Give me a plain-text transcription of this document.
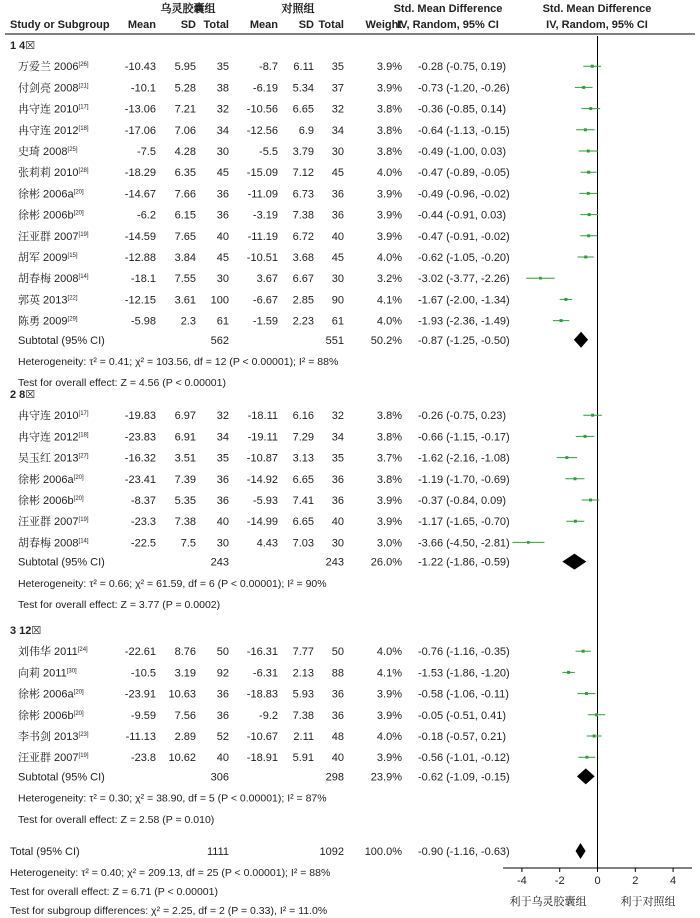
乌灵胶囊组	对照组	Std. Mean Difference	Std. Mean Difference
Study or Subgroup Mean SD Total Mean SD Total Weight
IV, Random, 95% CI	IV, Random, 95% CI
1 4☒
万爱兰 2006[26]	-10.43 5.95 35	-8.7 6.11 35	3.9% -0.28 (-0.75, 0.19)
付剑亮 2008[21]	-10.1 5.28 38 -6.19 5.34 37	3.9% -0.73 (-1.20, -0.26)
冉守连 2010[17]	-13.06 7.21 32 -10.56 6.65 32	3.8% -0.36 (-0.85, 0.14)
冉守连 2012[18]	-17.06 7.06 34 -12.56 6.9 34	3.8% -0.64 (-1.13, -0.15)
史琦 2008[25]	-7.5 4.28 30	-5.5 3.79 30	3.8% -0.49 (-1.00, 0.03)
张莉莉 2010[28]	-18.29 6.35 45 -15.09 7.12 45	4.0% -0.47 (-0.89, -0.05)
徐彬 2006a[20]	-14.67 7.66 36 -11.09 6.73 36	3.9% -0.49 (-0.96, -0.02)
徐彬 2006b[20]	-6.2 6.15 36 -3.19 7.38 36	3.9% -0.44 (-0.91, 0.03)
汪亚群 2007[19]	-14.59 7.65 40 -11.19 6.72 40	3.9% -0.47 (-0.91, -0.02)
胡军 2009[15]	-12.88 3.84 45 -10.51 3.68 45	4.0% -0.62 (-1.05, -0.20)
胡春梅 2008[14]	-18.1 7.55 30	3.67 6.67 30	3.2% -3.02 (-3.77, -2.26)
郭英 2013[22]	-12.15 3.61 100 -6.67 2.85 90	4.1% -1.67 (-2.00, -1.34)
陈勇 2009[29]	-5.98 2.3 61 -1.59 2.23 61	4.0% -1.93 (-2.36, -1.49)
Subtotal (95% CI)	562	551 50.2% -0.87 (-1.25, -0.50)
Heterogeneity: τ² = 0.41; χ² = 103.56, df = 12 (P < 0.00001); I² = 88%
Test for overall effect: Z = 4.56 (P < 0.00001)
2 8☒
冉守连 2010[17]	-19.83 6.97 32 -18.11 6.16 32	3.8% -0.26 (-0.75, 0.23)
冉守连 2012[18]	-23.83 6.91 34 -19.11 7.29 34	3.8% -0.66 (-1.15, -0.17)
吴玉红 2013[27]	-16.32 3.51 35 -10.87 3.13 35	3.7% -1.62 (-2.16, -1.08)
徐彬 2006a[20]	-23.41 7.39 36 -14.92 6.65 36	3.8% -1.19 (-1.70, -0.69)
徐彬 2006b[20]	-8.37 5.35 36 -5.93 7.41 36	3.9% -0.37 (-0.84, 0.09)
汪亚群 2007[19]	-23.3 7.38 40 -14.99 6.65 40	3.9% -1.17 (-1.65, -0.70)
胡春梅 2008[14]	-22.5 7.5 30	4.43 7.03 30	3.0% -3.66 (-4.50, -2.81)
Subtotal (95% CI)	243	243 26.0% -1.22 (-1.86, -0.59)
Heterogeneity: τ² = 0.66; χ² = 61.59, df = 6 (P < 0.00001); I² = 90%
Test for overall effect: Z = 3.77 (P = 0.0002)
3 12☒
刘伟华 2011[24]	-22.61 8.76 50 -16.31 7.77 50	4.0% -0.76 (-1.16, -0.35)
向莉 2011[30]	-10.5 3.19 92 -6.31 2.13 88	4.1% -1.53 (-1.86, -1.20)
徐彬 2006a[20]	-23.91 10.63 36 -18.83 5.93 36	3.9% -0.58 (-1.06, -0.11)
徐彬 2006b[20]	-9.59 7.56 36	-9.2 7.38 36	3.9% -0.05 (-0.51, 0.41)
李书剑 2013[23]	-11.13 2.89 52 -10.67 2.11 48	4.0% -0.18 (-0.57, 0.21)
汪亚群 2007[19]	-23.8 10.62 40 -18.91 5.91 40	3.9% -0.56 (-1.01, -0.12)
Subtotal (95% CI)	306	298 23.9% -0.62 (-1.09, -0.15)
Heterogeneity: τ² = 0.30; χ² = 38.90, df = 5 (P < 0.00001); I² = 87%
Test for overall effect: Z = 2.58 (P = 0.010)
Total (95% CI)	1111	1092 100.0% -0.90 (-1.16, -0.63)
Heterogeneity: τ² = 0.40; χ² = 209.13, df = 25 (P < 0.00001); I² = 88%
Test for overall effect: Z = 6.71 (P < 0.00001)
Test for subgroup differences: χ² = 2.25, df = 2 (P = 0.33), I² = 11.0%
-4	-2	0	2	4
利于乌灵胶囊组	利于对照组
